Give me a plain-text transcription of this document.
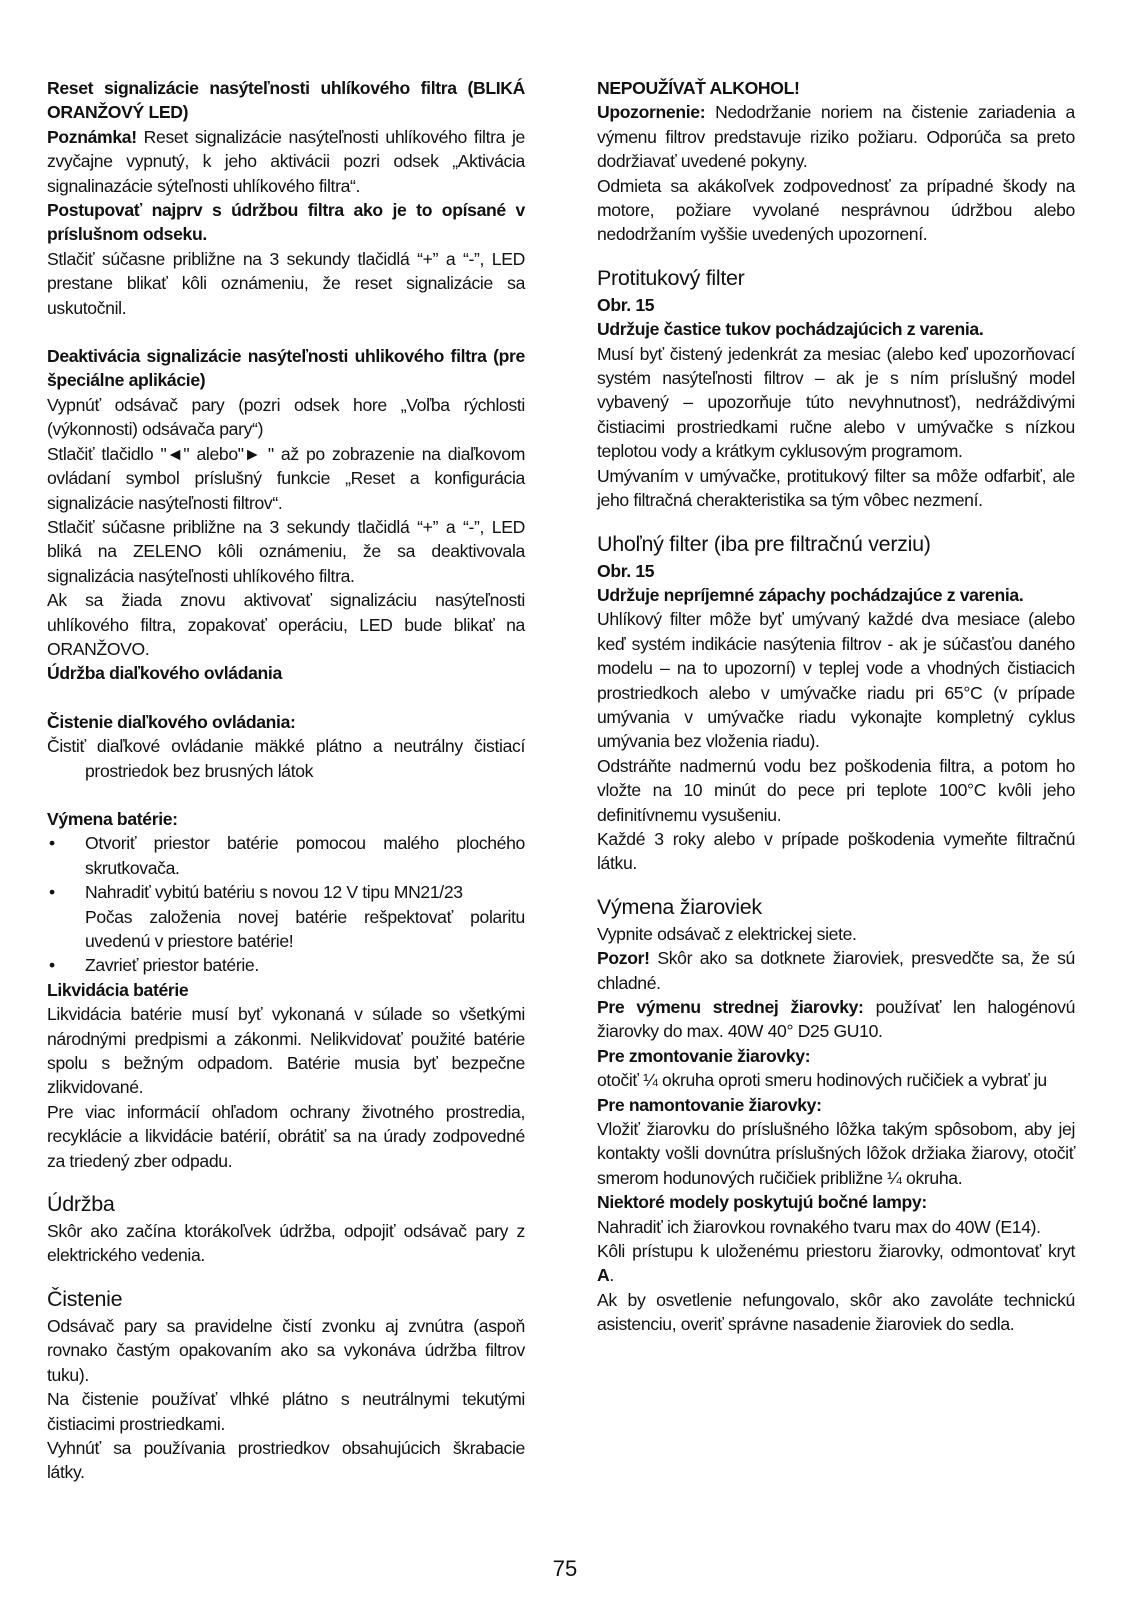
Reset signalizácie nasýteľnosti uhlíkového filtra (BLIKÁ ORANŽOVÝ LED)

Poznámka! Reset signalizácie nasýteľnosti uhlíkového filtra je zvyčajne vypnutý, k jeho aktivácii pozri odsek „Aktivácia signalinazácie sýteľnosti uhlíkového filtra“.

Postupovať najprv s údržbou filtra ako je to opísané v príslušnom odseku.

Stlačiť súčasne približne na 3 sekundy tlačidlá “+” a “-”, LED prestane blikať kôli oznámeniu, že reset signalizácie sa uskutočnil.

Deaktivácia signalizácie nasýteľnosti uhlikového filtra (pre špeciálne aplikácie)

Vypnúť odsávač pary (pozri odsek hore „Voľba rýchlosti (výkonnosti) odsávača pary“)

Stlačiť tlačidlo "◄" alebo"► " až po zobrazenie na diaľkovom ovládaní symbol príslušný funkcie „Reset a konfigurácia signalizácie nasýteľnosti filtrov“.

Stlačiť súčasne približne na 3 sekundy tlačidlá “+” a “-”, LED bliká na ZELENO kôli oznámeniu, že sa deaktivovala signalizácia nasýteľnosti uhlíkového filtra.

Ak sa žiada znovu aktivovať signalizáciu nasýteľnosti uhlíkového filtra, zopakovať operáciu, LED bude blikať na ORANŽOVO.

Údržba diaľkového ovládania

Čistenie diaľkového ovládania:

Čistiť diaľkové ovládanie mäkké plátno a neutrálny čistiací prostriedok bez brusných látok

Výmena batérie:

• Otvoriť priestor batérie pomocou malého plochého skrutkovača.
• Nahradiť vybitú batériu s novou 12 V tipu MN21/23
Počas založenia novej batérie rešpektovať polaritu uvedenú v priestore batérie!
• Zavrieť priestor batérie.

Likvidácia batérie

Likvidácia batérie musí byť vykonaná v súlade so všetkými národnými predpismi a zákonmi. Nelikvidovať použité batérie spolu s bežným odpadom. Batérie musia byť bezpečne zlikvidované.

Pre viac informácií ohľadom ochrany životného prostredia, recyklácie a likvidácie batérií, obrátiť sa na úrady zodpovedné za triedený zber odpadu.

Údržba

Skôr ako začína ktorákoľvek údržba, odpojiť odsávač pary z elektrického vedenia.

Čistenie

Odsávač pary sa pravidelne čistí zvonku aj zvnútra (aspoň rovnako častým opakovaním ako sa vykonáva údržba filtrov tuku).

Na čistenie používať vlhké plátno s neutrálnymi tekutými čistiacimi prostriedkami.

Vyhnúť sa používania prostriedkov obsahujúcich škrabacie látky.

NEPOUŽÍVAŤ ALKOHOL!

Upozornenie: Nedodržanie noriem na čistenie zariadenia a výmenu filtrov predstavuje riziko požiaru. Odporúča sa preto dodržiavať uvedené pokyny.

Odmieta sa akákoľvek zodpovednosť za prípadné škody na motore, požiare vyvolané nesprávnou údržbou alebo nedodržaním vyššie uvedených upozornení.

Protitukový filter

Obr. 15

Udržuje častice tukov pochádzajúcich z varenia.

Musí byť čistený jedenkrát za mesiac (alebo keď upozorňovací systém nasýteľnosti filtrov – ak je s ním príslušný model vybavený – upozorňuje túto nevyhnutnosť), nedráždivými čistiacimi prostriedkami ručne alebo v umývačke s nízkou teplotou vody a krátkym cyklusovým programom.

Umývaním v umývačke, protitukový filter sa môže odfarbiť, ale jeho filtračná cherakteristika sa tým vôbec nezmení.

Uhoľný filter (iba pre filtračnú verziu)

Obr. 15

Udržuje nepríjemné zápachy pochádzajúce z varenia.

Uhlíkový filter môže byť umývaný každé dva mesiace (alebo keď systém indikácie nasýtenia filtrov - ak je súčasťou daného modelu – na to upozorní) v teplej vode a vhodných čistiacich prostriedkoch alebo v umývačke riadu pri 65°C (v prípade umývania v umývačke riadu vykonajte kompletný cyklus umývania bez vloženia riadu).

Odstráňte nadmernú vodu bez poškodenia filtra, a potom ho vložte na 10 minút do pece pri teplote 100°C kvôli jeho definitívnemu vysušeniu.

Každé 3 roky alebo v prípade poškodenia vymeňte filtračnú látku.

Výmena žiaroviek

Vypnite odsávač z elektrickej siete.

Pozor! Skôr ako sa dotknete žiaroviek, presvedčte sa, že sú chladné.

Pre výmenu strednej žiarovky: používať len halogénovú žiarovky do max. 40W 40° D25 GU10.

Pre zmontovanie žiarovky:

otočiť ¼ okruha oproti smeru hodinových ručičiek a vybrať ju

Pre namontovanie žiarovky:

Vložiť žiarovku do príslušného lôžka takým spôsobom, aby jej kontakty vošli dovnútra príslušných lôžok držiaka žiarovy, otočiť smerom hodunových ručičiek približne ¼ okruha.

Niektoré modely poskytujú bočné lampy:

Nahradiť ich žiarovkou rovnakého tvaru max do 40W (E14).

Kôli prístupu k uloženému priestoru žiarovky, odmontovať kryt A.

Ak by osvetlenie nefungovalo, skôr ako zavoláte technickú asistenciu, overiť správne nasadenie žiaroviek do sedla.

75
